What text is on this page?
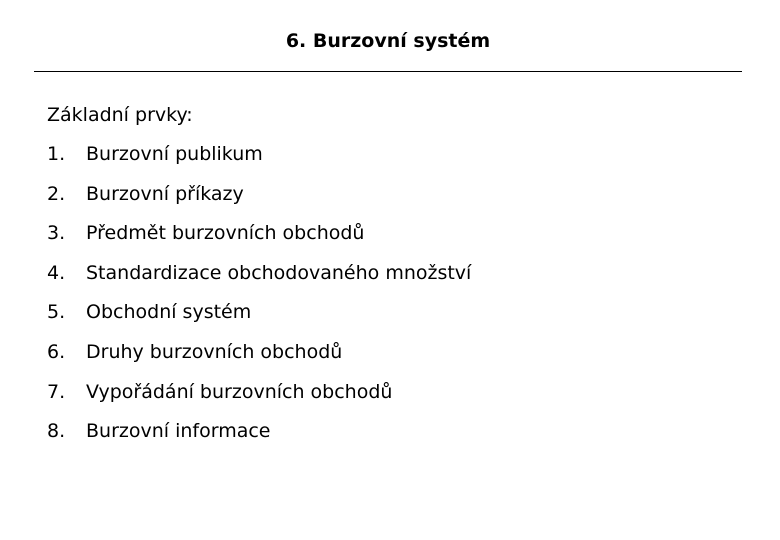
6. Burzovní systém
Základní prvky:
1.	Burzovní publikum
2.	Burzovní příkazy
3.	Předmět burzovních obchodů
4.	Standardizace obchodovaného množství
5.	Obchodní systém
6.	Druhy burzovních obchodů
7.	Vypořádání burzovních obchodů
8.	Burzovní informace
